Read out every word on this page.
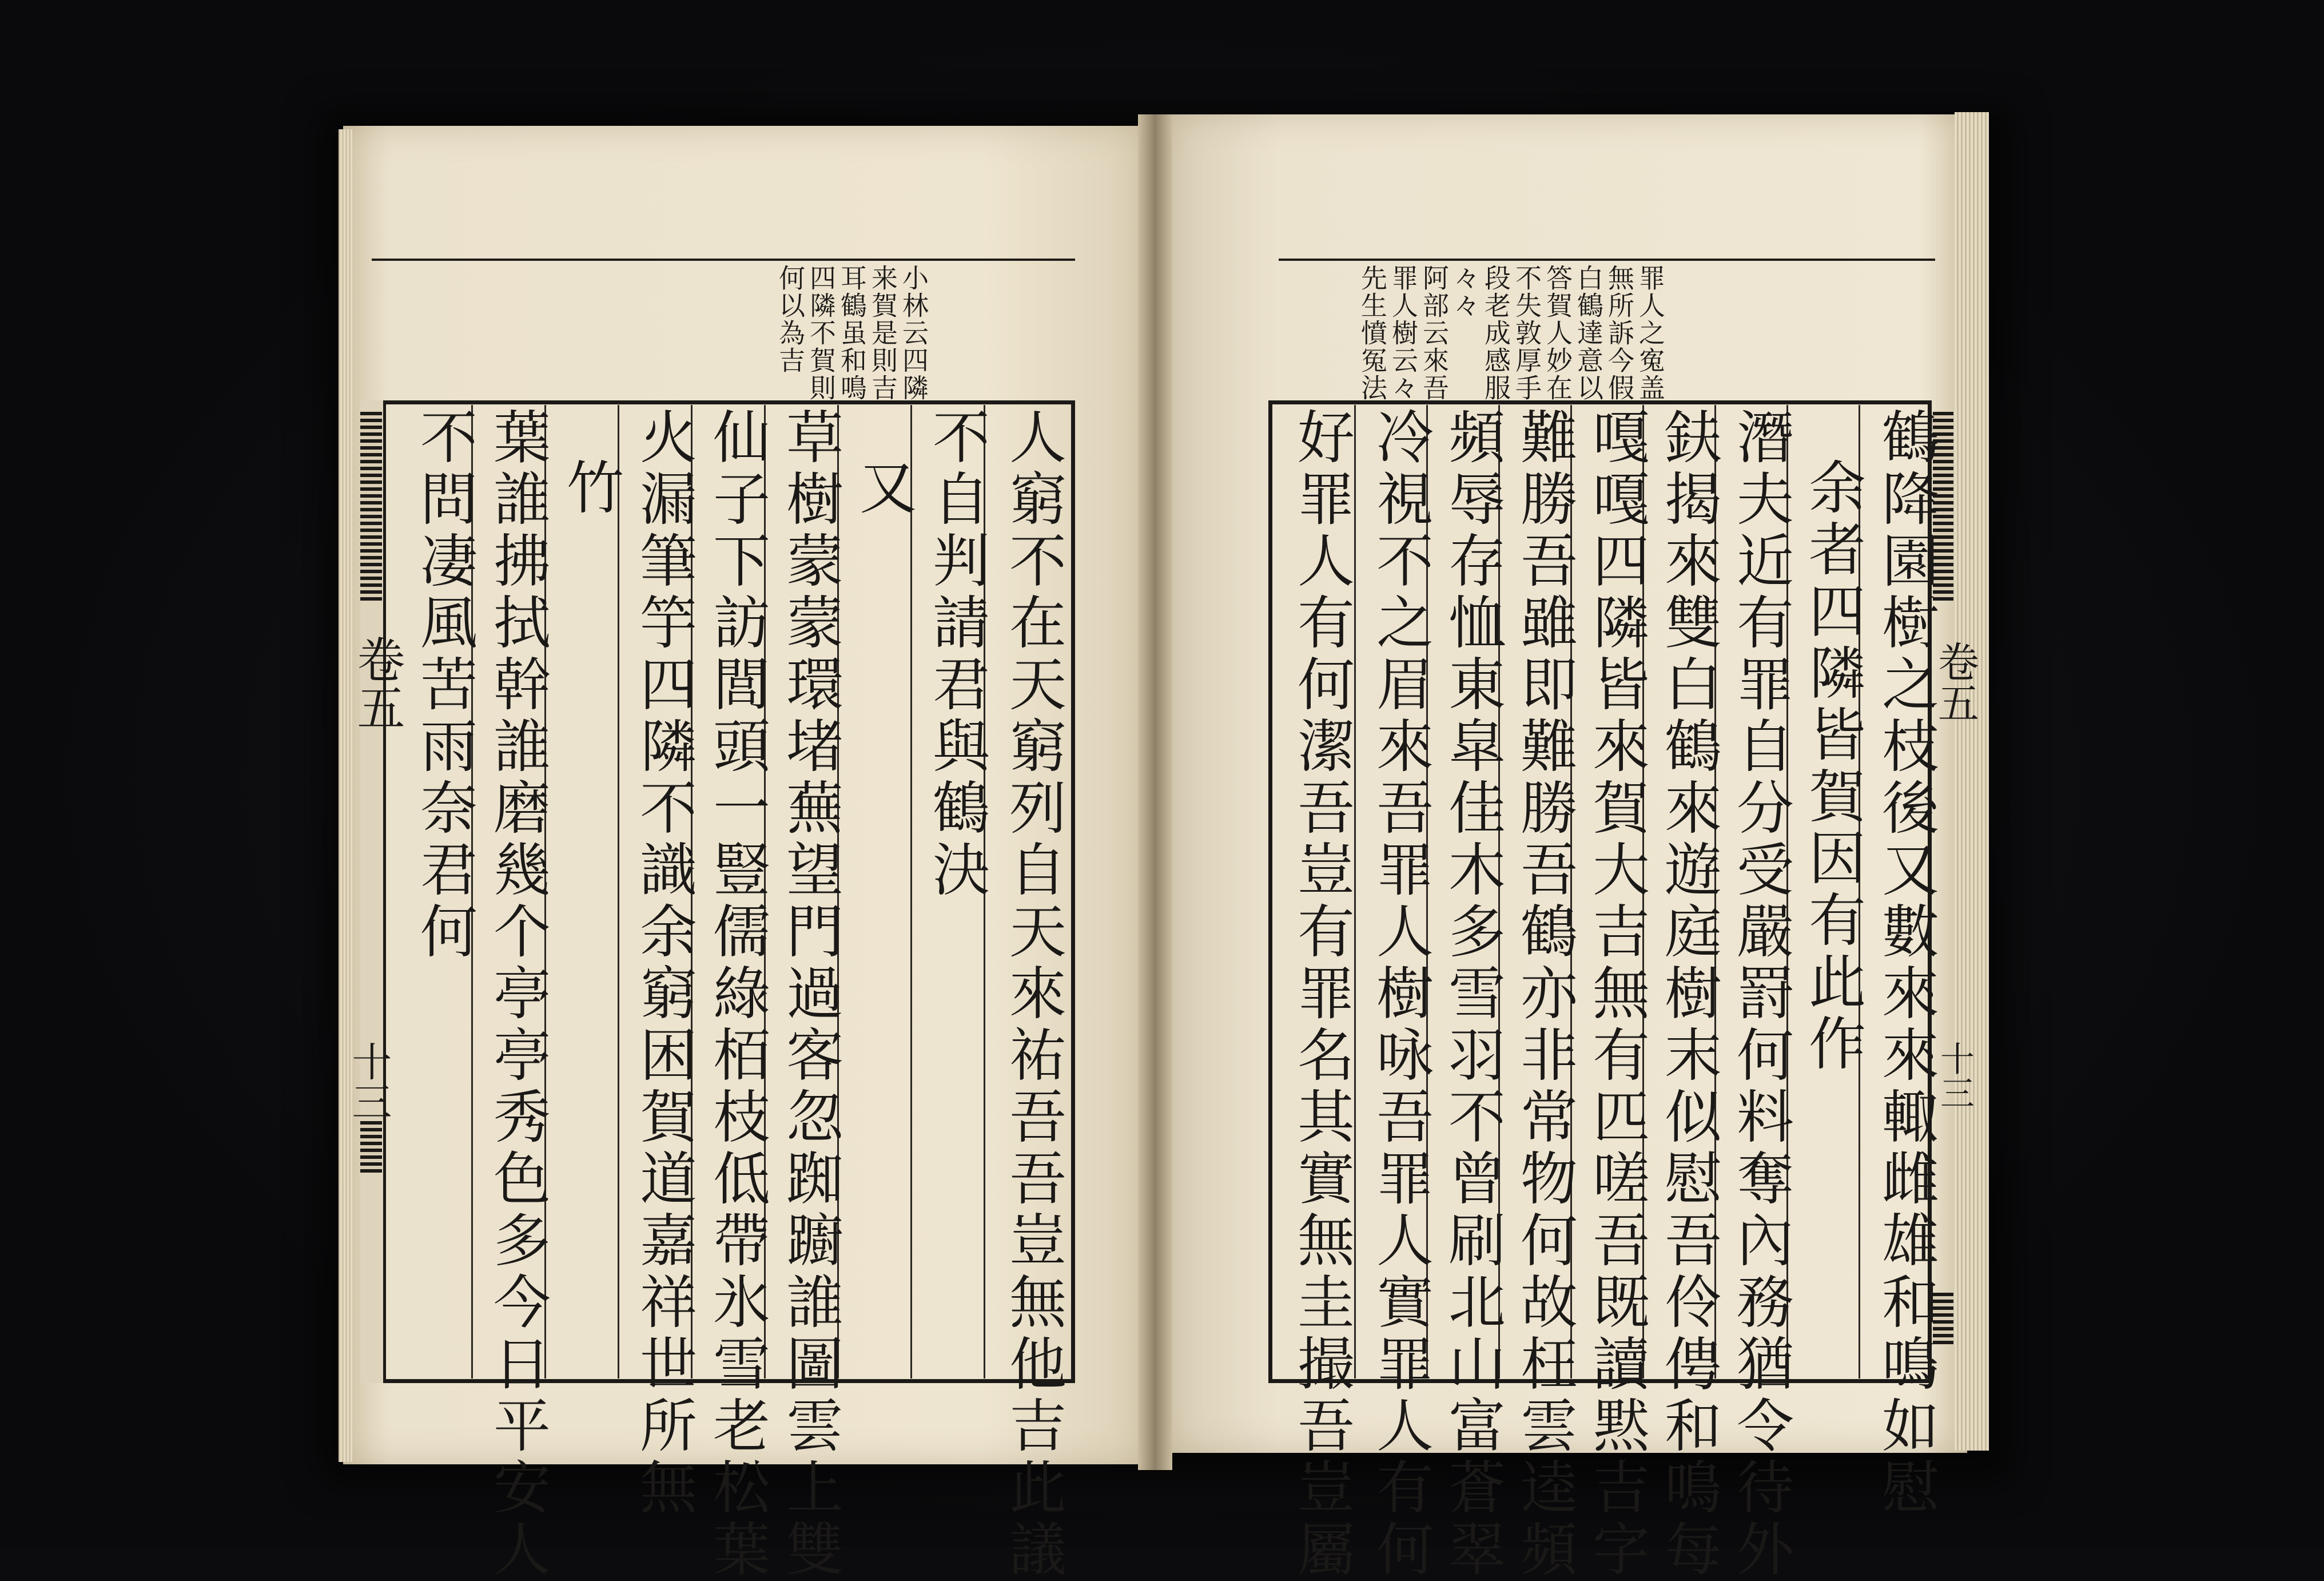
小林云四隣
来賀是則吉
耳鶴虽和鳴
四隣不賀則
何以為吉
卷五
十三	人窮不在天窮列自天來祐吾吾豈無他吉此議
不自判請君與鶴決
又
草樹蒙蒙環堵蕪望門過客忽踟躕誰圖雲上雙
仙子下訪閭頭一豎儒綠栢枝低帶氷雪老松葉
火漏筆竽四隣不識余窮困賀道嘉祥世所無
竹
葉誰拂拭幹誰磨幾个亭亭秀色多今日平安人
不問凄風苦雨奈君何
罪人之寃盖
無所訴今假
白鶴達意以
答賀人妙在
不失敦厚手
段老成感服
々々
阿部云來吾
罪人樹云々
先生憤冤法
卷五
十三
鶴降園樹之枝後又數來來輙雌雄和鳴如慰
余者四隣皆賀因有此作
潛夫近有罪自分受嚴罸何料奪內務猶令待外
鈇揭來雙白鶴來遊庭樹末似慰吾伶俜和鳴每
嘎嘎四隣皆來賀大吉無有匹嗟吾既讀黙吉字
難勝吾雖即難勝吾鶴亦非常物何故枉雲逵頻
頻辱存恤東皐佳木多雪羽不曾刷北山富蒼翠
冷視不之眉來吾罪人樹咏吾罪人實罪人有何
好罪人有何潔吾豈有罪名其實無圭撮吾豈屬
